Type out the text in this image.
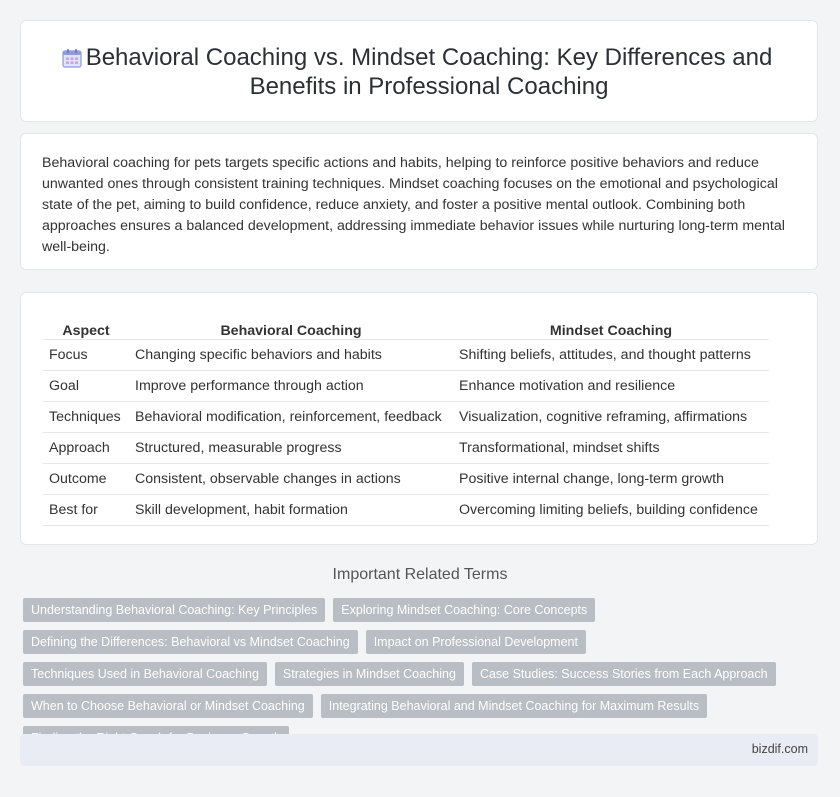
Behavioral Coaching vs. Mindset Coaching: Key Differences and Benefits in Professional Coaching

Behavioral coaching for pets targets specific actions and habits, helping to reinforce positive behaviors and reduce unwanted ones through consistent training techniques. Mindset coaching focuses on the emotional and psychological state of the pet, aiming to build confidence, reduce anxiety, and foster a positive mental outlook. Combining both approaches ensures a balanced development, addressing immediate behavior issues while nurturing long-term mental well-being.

Aspect	Behavioral Coaching	Mindset Coaching
Focus	Changing specific behaviors and habits	Shifting beliefs, attitudes, and thought patterns
Goal	Improve performance through action	Enhance motivation and resilience
Techniques	Behavioral modification, reinforcement, feedback	Visualization, cognitive reframing, affirmations
Approach	Structured, measurable progress	Transformational, mindset shifts
Outcome	Consistent, observable changes in actions	Positive internal change, long-term growth
Best for	Skill development, habit formation	Overcoming limiting beliefs, building confidence
Important Related Terms
Understanding Behavioral Coaching: Key Principles	Exploring Mindset Coaching: Core Concepts
Defining the Differences: Behavioral vs Mindset Coaching	Impact on Professional Development
Techniques Used in Behavioral Coaching	Strategies in Mindset Coaching	Case Studies: Success Stories from Each Approach
When to Choose Behavioral or Mindset Coaching	Integrating Behavioral and Mindset Coaching for Maximum Results
bizdif.com
